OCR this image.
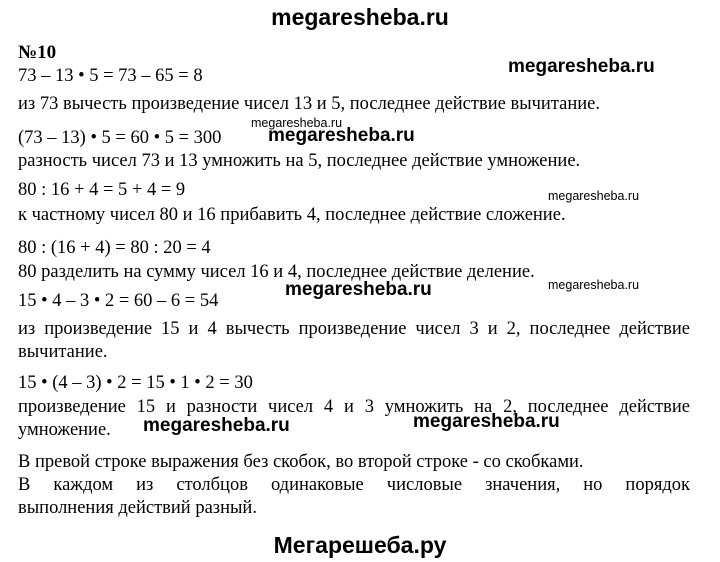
megaresheba.ru
№10
73 – 13 • 5 = 73 – 65 = 8
из 73 вычесть произведение чисел 13 и 5, последнее действие вычитание.
(73 – 13) • 5 = 60 • 5 = 300
разность чисел 73 и 13 умножить на 5, последнее действие умножение.
80 : 16 + 4 = 5 + 4 = 9
к частному чисел 80 и 16 прибавить 4, последнее действие сложение.
80 : (16 + 4) = 80 : 20 = 4
80 разделить на сумму чисел 16 и 4, последнее действие деление.
15 • 4 – 3 • 2 = 60 – 6 = 54
из произведение 15 и 4 вычесть произведение чисел 3 и 2, последнее действие
вычитание.
15 • (4 – 3) • 2 = 15 • 1 • 2 = 30
произведение 15 и разности чисел 4 и 3 умножить на 2, последнее действие
умножение.
В превой строке выражения без скобок, во второй строке - со скобками.
В каждом из столбцов одинаковые числовые значения, но порядок
выполнения действий разный.
megaresheba.ru
megaresheba.ru
megaresheba.ru
megaresheba.ru
megaresheba.ru	megaresheba.ru
megaresheba.ru	megaresheba.ru
Мегарешеба.ру
